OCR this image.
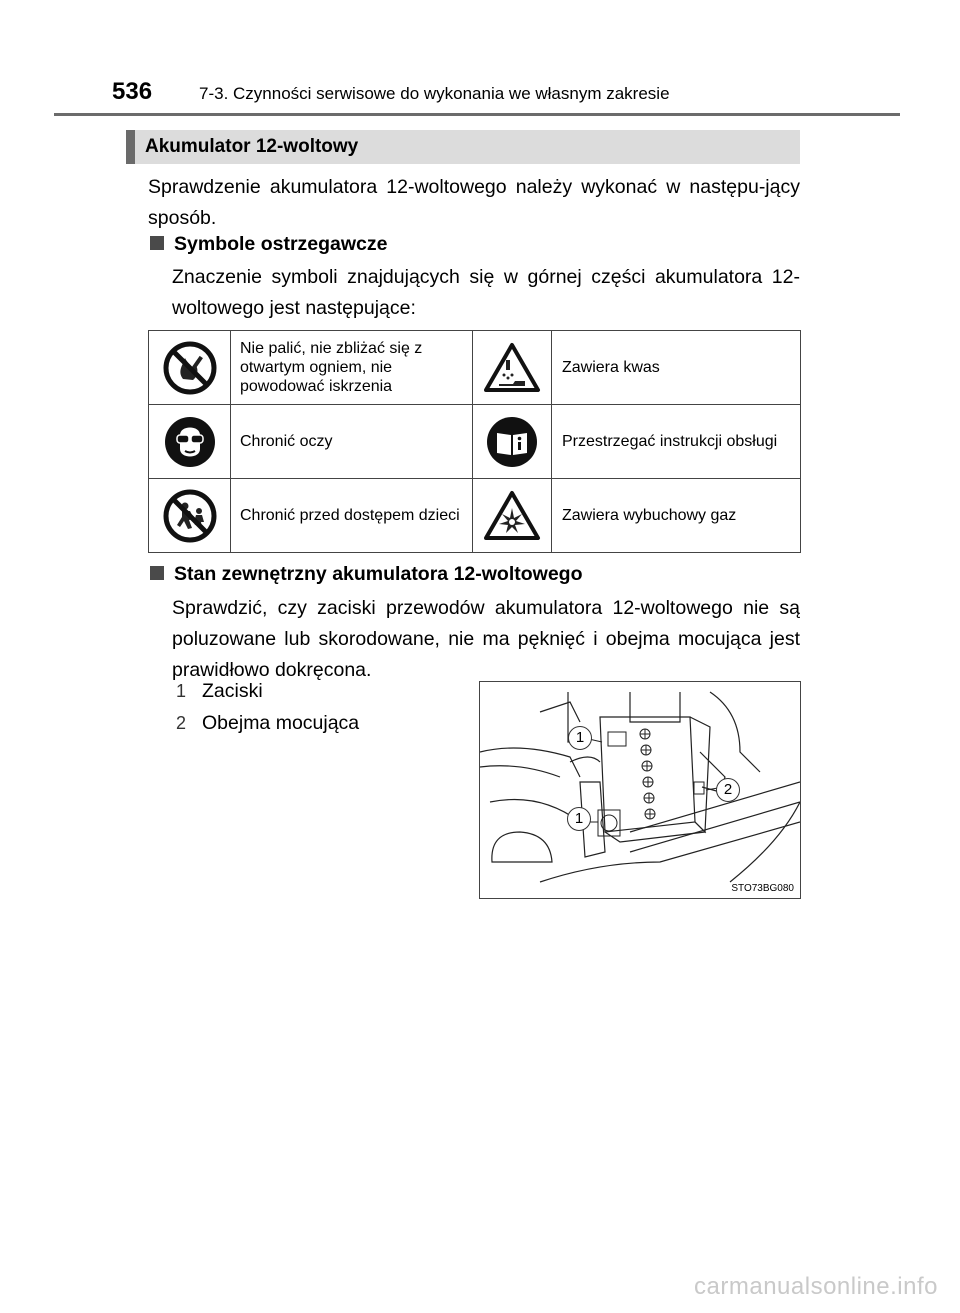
536	7-3. Czynności serwisowe do wykonania we własnym zakresie
Akumulator 12-woltowy
Sprawdzenie akumulatora 12-woltowego należy wykonać w następu-jący sposób.
Symbole ostrzegawcze
Znaczenie symboli znajdujących się w górnej części akumulatora 12-woltowego jest następujące:
	Nie palić, nie zbliżać się z otwartym ogniem, nie powodować iskrzenia		Zawiera kwas

	Chronić oczy		Przestrzegać instrukcji obsługi

	Chronić przed dostępem dzieci		Zawiera wybuchowy gaz
Stan zewnętrzny akumulatora 12-woltowego
Sprawdzić, czy zaciski przewodów akumulatora 12-woltowego nie są poluzowane lub skorodowane, nie ma pęknięć i obejma mocująca jest prawidłowo dokręcona.
1 Zaciski
2 Obejma mocująca
1
1
2
STO73BG080
carmanualsonline.info
